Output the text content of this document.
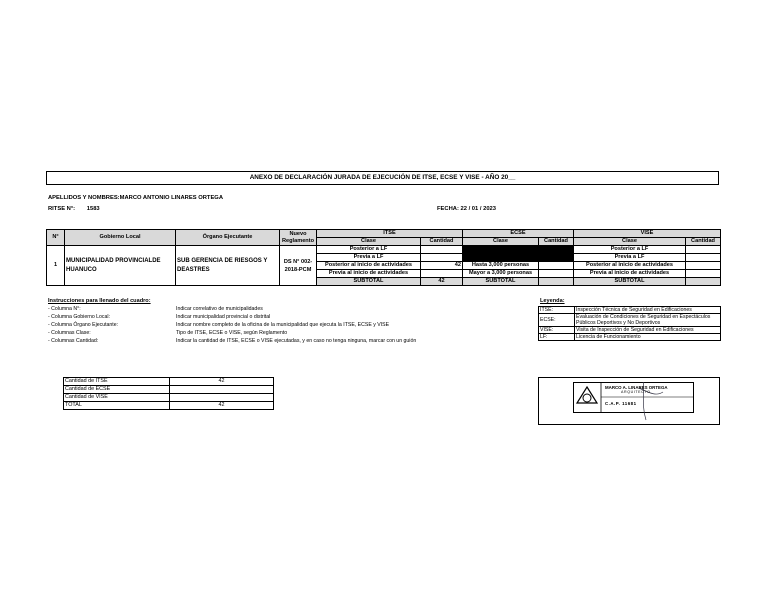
ANEXO DE DECLARACIÓN JURADA DE EJECUCIÓN DE ITSE, ECSE Y VISE - AÑO 20__
APELLIDOS Y NOMBRES:MARCO ANTONIO LINARES ORTEGA
RITSE N°: 1583	FECHA: 22 / 01 / 2023
N°	Gobierno Local	Órgano Ejecutante	Nuevo Reglamento	ITSE		ECSE		VISE	
				Clase	Cantidad	Clase	Cantidad	Clase	Cantidad
1	MUNICIPALIDAD PROVINCIALDE HUANUCO	SUB GERENCIA DE RIESGOS Y DEASTRES	DS N° 002-2018-PCM	Posterior a LF				Posterior a LF	
				Previa a LF				Previa a LF	
				Posterior al inicio de actividades	42	Hasta 3,000 personas		Posterior al inicio de actividades	
				Previa al inicio de actividades		Mayor a 3,000 personas		Previa al inicio de actividades	
				SUBTOTAL	42	SUBTOTAL		SUBTOTAL	
Instrucciones para llenado del cuadro:
- Columna N°:	Indicar correlativo de municipalidades
- Columna Gobierno Local:	Indicar municipalidad provincial o distrital
- Columna Órgano Ejecutante:	Indicar nombre completo de la oficina de la municipalidad que ejecuta la ITSE, ECSE y VISE
- Columnas Clase:	Tipo de ITSE, ECSE o VISE, según Reglamento
- Columnas Cantidad:	Indicar la cantidad de ITSE, ECSE o VISE ejecutadas, y en caso no tenga ninguna, marcar con un guión
Leyenda:
ITSE:	Inspección Técnica de Seguridad en Edificaciones
ECSE:	Evaluación de Condiciones de Seguridad en Espectáculos Públicos Deportivos y No Deportivos
VISE:	Visita de Inspección de Seguridad en Edificaciones
LF:	Licencia de Funcionamiento
Cantidad de ITSE	42
Cantidad de ECSE	
Cantidad de VISE	
TOTAL	42
MARCO A. LINARES ORTEGA
ARQUITECTO
C.A.P. 11681
